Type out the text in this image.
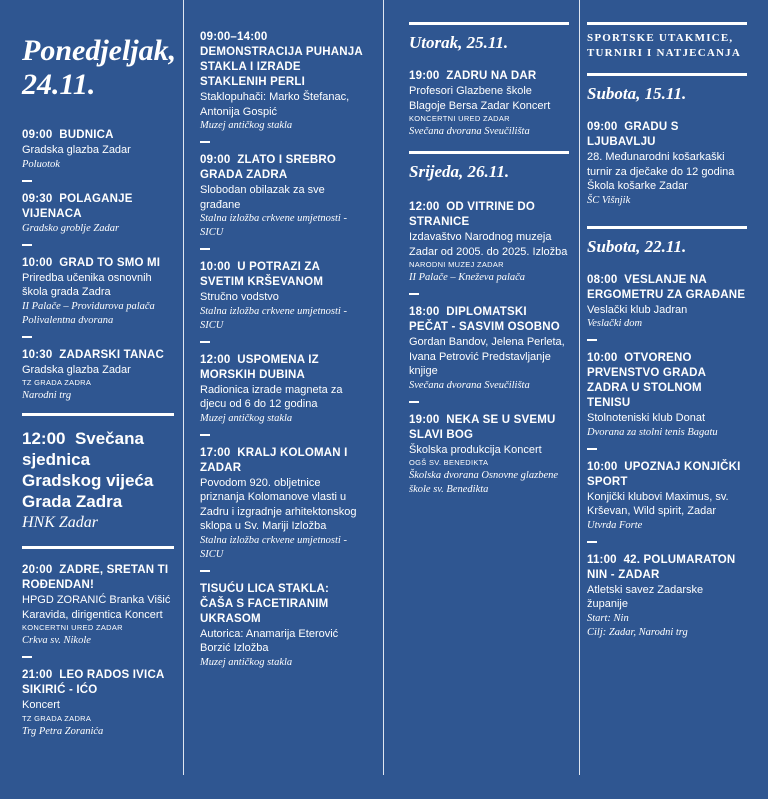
Ponedjeljak,
24.11.
09:00 BUDNICA
Gradska glazba Zadar
Poluotok
09:30 POLAGANJE VIJENACA
Gradsko groblje Zadar
10:00 GRAD TO SMO MI
Priredba učenika osnovnih škola grada Zadra
II Palače – Providurova palača Polivalentna dvorana
10:30 ZADARSKI TANAC
Gradska glazba Zadar
TZ GRADA ZADRA
Narodni trg
12:00 Svečana sjednica Gradskog vijeća Grada Zadra
HNK Zadar
20:00 ZADRE, SRETAN TI ROĐENDAN!
HPGD ZORANIĆ Branka Višić Karavida, dirigentica Koncert
KONCERTNI URED ZADAR
Crkva sv. Nikole
21:00 LEO RADOS IVICA SIKIRIĆ - IĆO
Koncert
TZ GRADA ZADRA
Trg Petra Zoranića
09:00–14:00 DEMONSTRACIJA PUHANJA STAKLA I IZRADE STAKLENIH PERLI
Staklopuhači: Marko Štefanac, Antonija Gospić
Muzej antičkog stakla
09:00 ZLATO I SREBRO GRADA ZADRA
Slobodan obilazak za sve građane
Stalna izložba crkvene umjetnosti - SICU
10:00 U POTRAZI ZA SVETIM KRŠEVANOM
Stručno vodstvo
Stalna izložba crkvene umjetnosti - SICU
12:00 USPOMENA IZ MORSKIH DUBINA
Radionica izrade magneta za djecu od 6 do 12 godina
Muzej antičkog stakla
17:00 KRALJ KOLOMAN I ZADAR
Povodom 920. obljetnice priznanja Kolomanove vlasti u Zadru i izgradnje arhitektonskog sklopa u Sv. Mariji Izložba
Stalna izložba crkvene umjetnosti - SICU
TISUĆU LICA STAKLA: ČAŠA S FACETIRANIM UKRASOM
Autorica: Anamarija Eterović Borzić Izložba
Muzej antičkog stakla
Utorak, 25.11.
19:00 ZADRU NA DAR
Profesori Glazbene škole Blagoje Bersa Zadar Koncert
KONCERTNI URED ZADAR
Svečana dvorana Sveučilišta
Srijeda, 26.11.
12:00 OD VITRINE DO STRANICE
Izdavaštvo Narodnog muzeja Zadar od 2005. do 2025. Izložba
NARODNI MUZEJ ZADAR
II Palače – Kneževa palača
18:00 DIPLOMATSKI PEČAT - SASVIM OSOBNO
Gordan Bandov, Jelena Perleta, Ivana Petrović Predstavljanje knjige
Svečana dvorana Sveučilišta
19:00 NEKA SE U SVEMU SLAVI BOG
Školska produkcija Koncert
OGŠ SV. BENEDIKTA
Školska dvorana Osnovne glazbene škole sv. Benedikta
SPORTSKE UTAKMICE, TURNIRI I NATJECANJA
Subota, 15.11.
09:00 GRADU S LJUBAVLJU
28. Međunarodni košarkaški turnir za dječake do 12 godina Škola košarke Zadar
ŠC Višnjik
Subota, 22.11.
08:00 VESLANJE NA ERGOMETRU ZA GRAĐANE
Veslački klub Jadran
Veslački dom
10:00 OTVORENO PRVENSTVO GRADA ZADRA U STOLNOM TENISU
Stolnoteniski klub Donat
Dvorana za stolni tenis Bagatu
10:00 UPOZNAJ KONJIČKI SPORT
Konjički klubovi Maximus, sv. Krševan, Wild spirit, Zadar
Utvrda Forte
11:00 42. POLUMARATON NIN - ZADAR
Atletski savez Zadarske županije
Start: Nin
Cilj: Zadar, Narodni trg
